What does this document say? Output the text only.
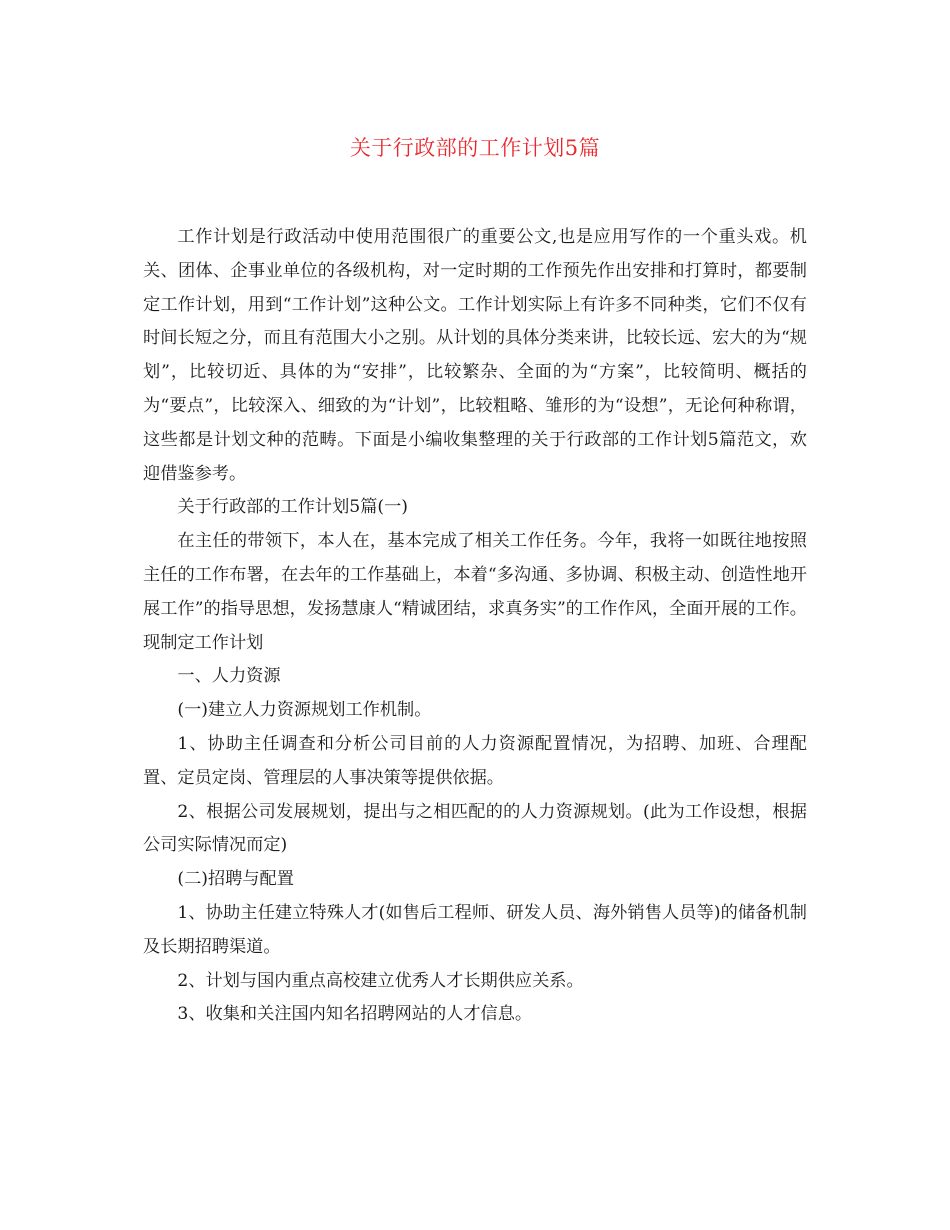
关于行政部的工作计划5篇

工作计划是行政活动中使用范围很广的重要公文,也是应用写作的一个重头戏。机关、团体、企事业单位的各级机构，对一定时期的工作预先作出安排和打算时，都要制定工作计划，用到“工作计划”这种公文。工作计划实际上有许多不同种类，它们不仅有时间长短之分，而且有范围大小之别。从计划的具体分类来讲，比较长远、宏大的为“规划”，比较切近、具体的为“安排”，比较繁杂、全面的为“方案”，比较简明、概括的为“要点”，比较深入、细致的为“计划”，比较粗略、雏形的为“设想”，无论何种称谓，这些都是计划文种的范畴。下面是小编收集整理的关于行政部的工作计划5篇范文，欢迎借鉴参考。

关于行政部的工作计划5篇(一)

在主任的带领下，本人在，基本完成了相关工作任务。今年，我将一如既往地按照主任的工作布署，在去年的工作基础上，本着“多沟通、多协调、积极主动、创造性地开展工作”的指导思想，发扬慧康人“精诚团结，求真务实”的工作作风，全面开展的工作。现制定工作计划

一、人力资源

(一)建立人力资源规划工作机制。

1、协助主任调查和分析公司目前的人力资源配置情况，为招聘、加班、合理配置、定员定岗、管理层的人事决策等提供依据。

2、根据公司发展规划，提出与之相匹配的的人力资源规划。(此为工作设想，根据公司实际情况而定)

(二)招聘与配置

1、协助主任建立特殊人才(如售后工程师、研发人员、海外销售人员等)的储备机制及长期招聘渠道。

2、计划与国内重点高校建立优秀人才长期供应关系。

3、收集和关注国内知名招聘网站的人才信息。
